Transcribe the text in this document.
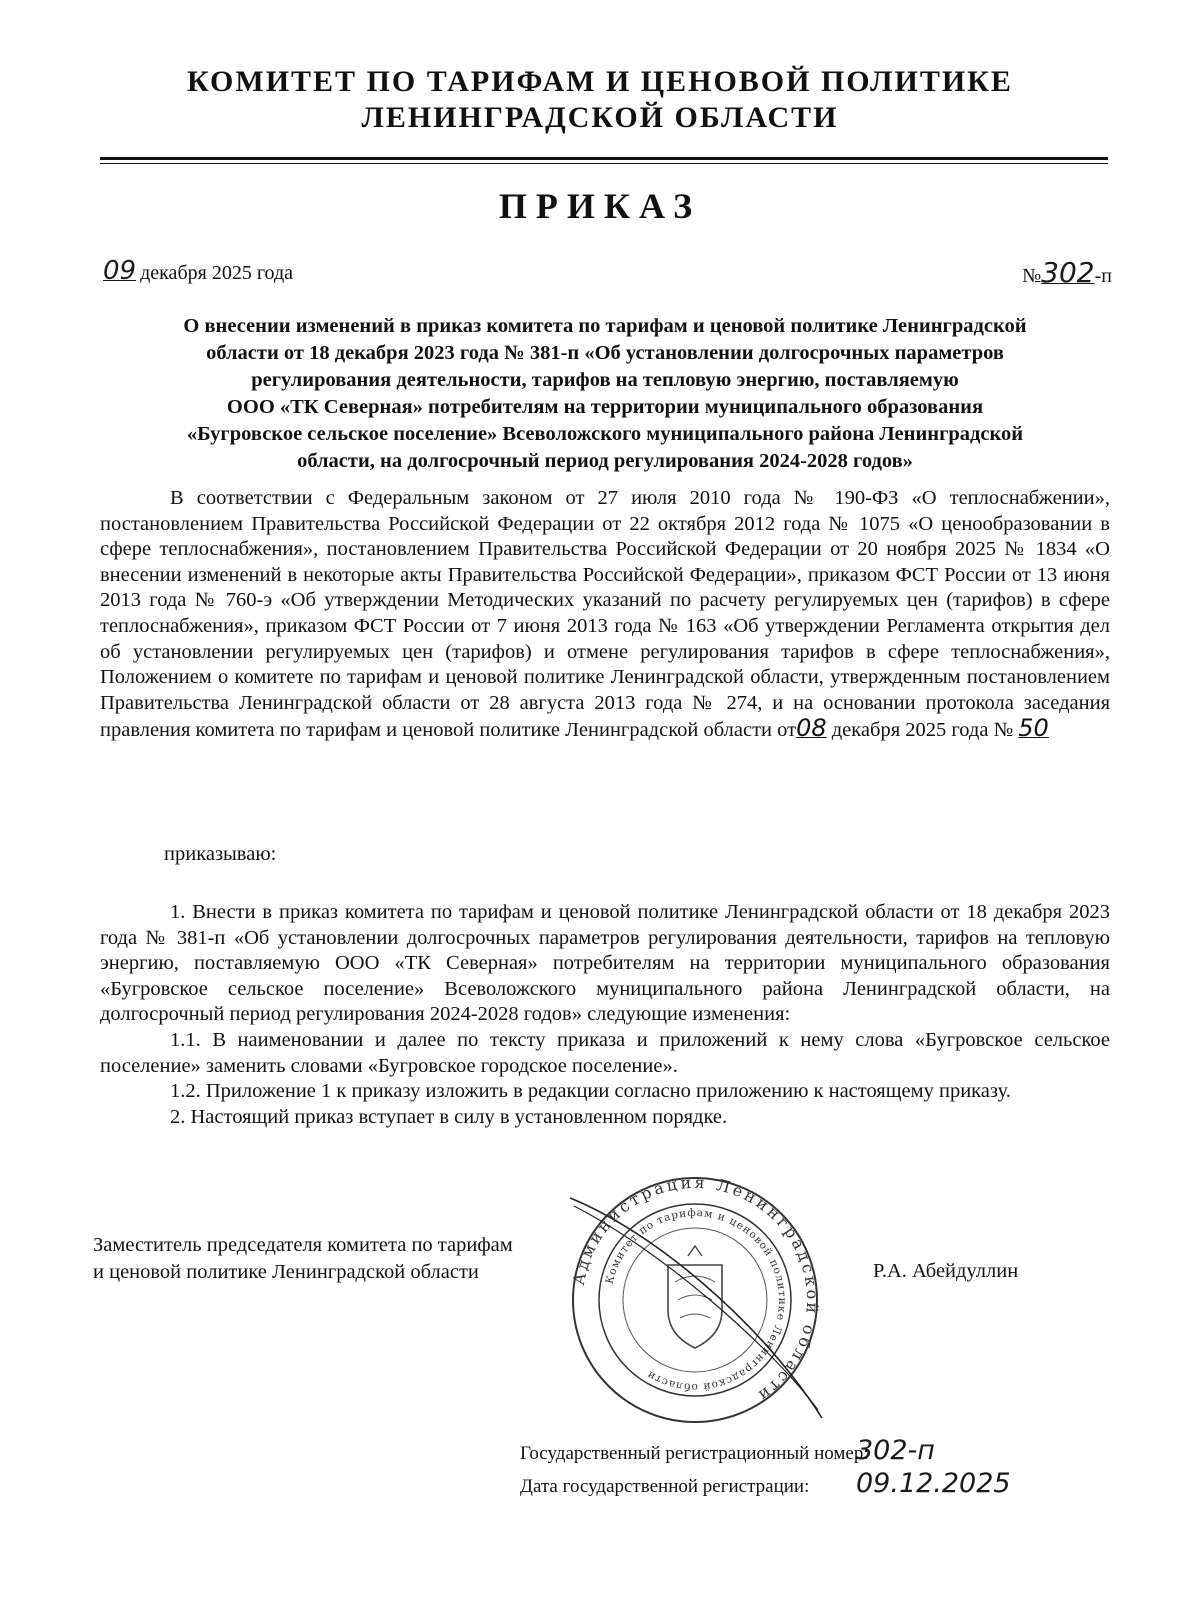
КОМИТЕТ ПО ТАРИФАМ И ЦЕНОВОЙ ПОЛИТИКЕ
ЛЕНИНГРАДСКОЙ ОБЛАСТИ
ПРИКАЗ
09 декабря 2025 года	№302-п
О внесении изменений в приказ комитета по тарифам и ценовой политике Ленинградской
области от 18 декабря 2023 года № 381-п «Об установлении долгосрочных параметров
регулирования деятельности, тарифов на тепловую энергию, поставляемую
ООО «ТК Северная» потребителям на территории муниципального образования
«Бугровское сельское поселение» Всеволожского муниципального района Ленинградской
области, на долгосрочный период регулирования 2024-2028 годов»
В соответствии с Федеральным законом от 27 июля 2010 года № 190-ФЗ «О теплоснабжении», постановлением Правительства Российской Федерации от 22 октября 2012 года № 1075 «О ценообразовании в сфере теплоснабжения», постановлением Правительства Российской Федерации от 20 ноября 2025 № 1834 «О внесении изменений в некоторые акты Правительства Российской Федерации», приказом ФСТ России от 13 июня 2013 года № 760-э «Об утверждении Методических указаний по расчету регулируемых цен (тарифов) в сфере теплоснабжения», приказом ФСТ России от 7 июня 2013 года № 163 «Об утверждении Регламента открытия дел об установлении регулируемых цен (тарифов) и отмене регулирования тарифов в сфере теплоснабжения», Положением о комитете по тарифам и ценовой политике Ленинградской области, утвержденным постановлением Правительства Ленинградской области от 28 августа 2013 года № 274, и на основании протокола заседания правления комитета по тарифам и ценовой политике Ленинградской области от08 декабря 2025 года № 50
приказываю:

1. Внести в приказ комитета по тарифам и ценовой политике Ленинградской области от 18 декабря 2023 года № 381-п «Об установлении долгосрочных параметров регулирования деятельности, тарифов на тепловую энергию, поставляемую ООО «ТК Северная» потребителям на территории муниципального образования «Бугровское сельское поселение» Всеволожского муниципального района Ленинградской области, на долгосрочный период регулирования 2024-2028 годов» следующие изменения:

1.1. В наименовании и далее по тексту приказа и приложений к нему слова «Бугровское сельское поселение» заменить словами «Бугровское городское поселение».

1.2. Приложение 1 к приказу изложить в редакции согласно приложению к настоящему приказу.

2. Настоящий приказ вступает в силу в установленном порядке.

Заместитель председателя комитета по тарифам
и ценовой политике Ленинградской области	Р.А. Абейдуллин
Администрация Ленинградской области
Комитет по тарифам и ценовой политике Ленинградской области
Государственный регистрационный номер:
302-п
Дата государственной регистрации:	09.12.2025
